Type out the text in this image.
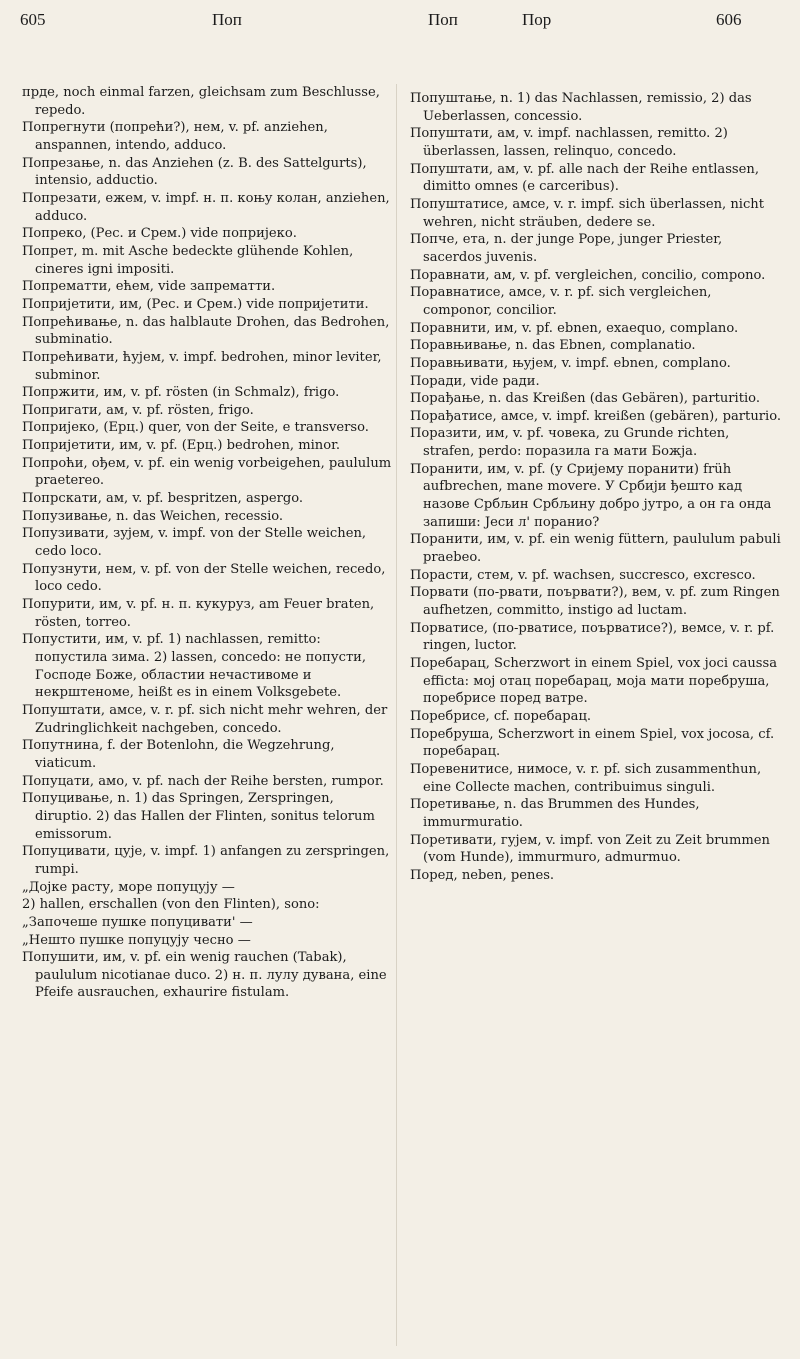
605	Поп	Поп	Пор	606

прде, noch einmal farzen, gleichsam zum Beschlusse, repedo.

Попрегнути (попрећи?), нем, v. pf. anziehen, anspannen, intendo, adduco.

Попрезање, n. das Anziehen (z. B. des Sattelgurts), intensio, adductio.

Попрезати, ежем, v. impf. н. п. коњу колан, anziehen, adduco.

Попреко, (Рес. и Срем.) vide попријеко.

Попрет, m. mit Asche bedeckte glühende Kohlen, cineres igni impositi.

Попрематти, ећем, vide запрематти.

Попријетити, им, (Рес. и Срем.) vide попријетити.

Попрећивање, n. das halblaute Drohen, das Bedrohen, subminatio.

Попрећивати, ћујем, v. impf. bedrohen, minor leviter, subminor.

Попржити, им, v. pf. rösten (in Schmalz), frigo.

Попригати, ам, v. pf. rösten, frigo.

Попријеко, (Ерц.) quer, von der Seite, e transverso.

Попријетити, им, v. pf. (Ерц.) bedrohen, minor.

Попроћи, ођем, v. pf. ein wenig vorbeigehen, paululum praetereo.

Попрскати, ам, v. pf. bespritzen, aspergo.

Попузивање, n. das Weichen, recessio.

Попузивати, зујем, v. impf. von der Stelle weichen, cedo loco.

Попузнути, нем, v. pf. von der Stelle weichen, recedo, loco cedo.

Попурити, им, v. pf. н. п. кукуруз, am Feuer braten, rösten, torreo.

Попустити, им, v. pf. 1) nachlassen, remitto: попустила зима. 2) lassen, concedo: не попусти, Господе Боже, областии нечастивоме и некрштеноме, heißt es in einem Volksgebete.

Попуштати, амсе, v. r. pf. sich nicht mehr wehren, der Zudringlichkeit nachgeben, concedo.

Попутнина, f. der Botenlohn, die Wegzehrung, viaticum.

Попуцати, амо, v. pf. nach der Reihe bersten, rumpor.

Попуцивање, n. 1) das Springen, Zerspringen, diruptio. 2) das Hallen der Flinten, sonitus telorum emissorum.

Попуцивати, цује, v. impf. 1) anfangen zu zerspringen, rumpi.

„Дојке расту, море попуцују —

2) hallen, erschallen (von den Flinten), sono:

„Започеше пушке попуцивати' —

„Нешто пушке попуцују чесно —

Попушити, им, v. pf. ein wenig rauchen (Tabak), paululum nicotianae duco. 2) н. п. лулу дувана, eine Pfeife ausrauchen, exhaurire fistulam.

Попуштање, n. 1) das Nachlassen, remissio, 2) das Ueberlassen, concessio.

Попуштати, ам, v. impf. nachlassen, remitto. 2) überlassen, lassen, relinquo, concedo.

Попуштати, ам, v. pf. alle nach der Reihe entlassen, dimitto omnes (e carceribus).

Попуштатисе, амсе, v. r. impf. sich überlassen, nicht wehren, nicht sträuben, dedere se.

Попче, ета, n. der junge Pope, junger Priester, sacerdos juvenis.

Поравнати, ам, v. pf. vergleichen, concilio, compono.

Поравнатисе, амсе, v. r. pf. sich vergleichen, componor, concilior.

Поравнити, им, v. pf. ebnen, exaequo, complano.

Поравњивање, n. das Ebnen, complanatio.

Поравњивати, њујем, v. impf. ebnen, complano.

Поради, vide ради.

Порађање, n. das Kreißen (das Gebären), parturitio.

Порађатисе, амсе, v. impf. kreißen (gebären), parturio.

Поразити, им, v. pf. човека, zu Grunde richten, strafen, perdo: поразила га мати Божја.

Поранити, им, v. pf. (у Сријему поранити) früh aufbrechen, mane movere. У Србији ђешто кад назове Србљин Србљину добро јутро, а он га онда запиши: Јеси л' поранио?

Поранити, им, v. pf. ein wenig füttern, paululum pabuli praebeo.

Порасти, стем, v. pf. wachsen, succresco, excresco.

Порвати (по-рвати, поървати?), вем, v. pf. zum Ringen aufhetzen, committo, instigo ad luctam.

Порватисе, (по-рватисе, поърватисе?), вемсе, v. r. pf. ringen, luctor.

Поребарац, Scherzwort in einem Spiel, vox joci caussa efficta: мој отац поребарац, моја мати поребруша, поребрисе поред ватре.

Поребрисе, cf. поребарац.

Поребруша, Scherzwort in einem Spiel, vox jocosa, cf. поребарац.

Поревенитисе, нимосе, v. r. pf. sich zusammenthun, eine Collecte machen, contribuimus singuli.

Поретивање, n. das Brummen des Hundes, immurmuratio.

Поретивати, гујем, v. impf. von Zeit zu Zeit brummen (vom Hunde), immurmuro, admurmuo.

Поред, neben, penes.
